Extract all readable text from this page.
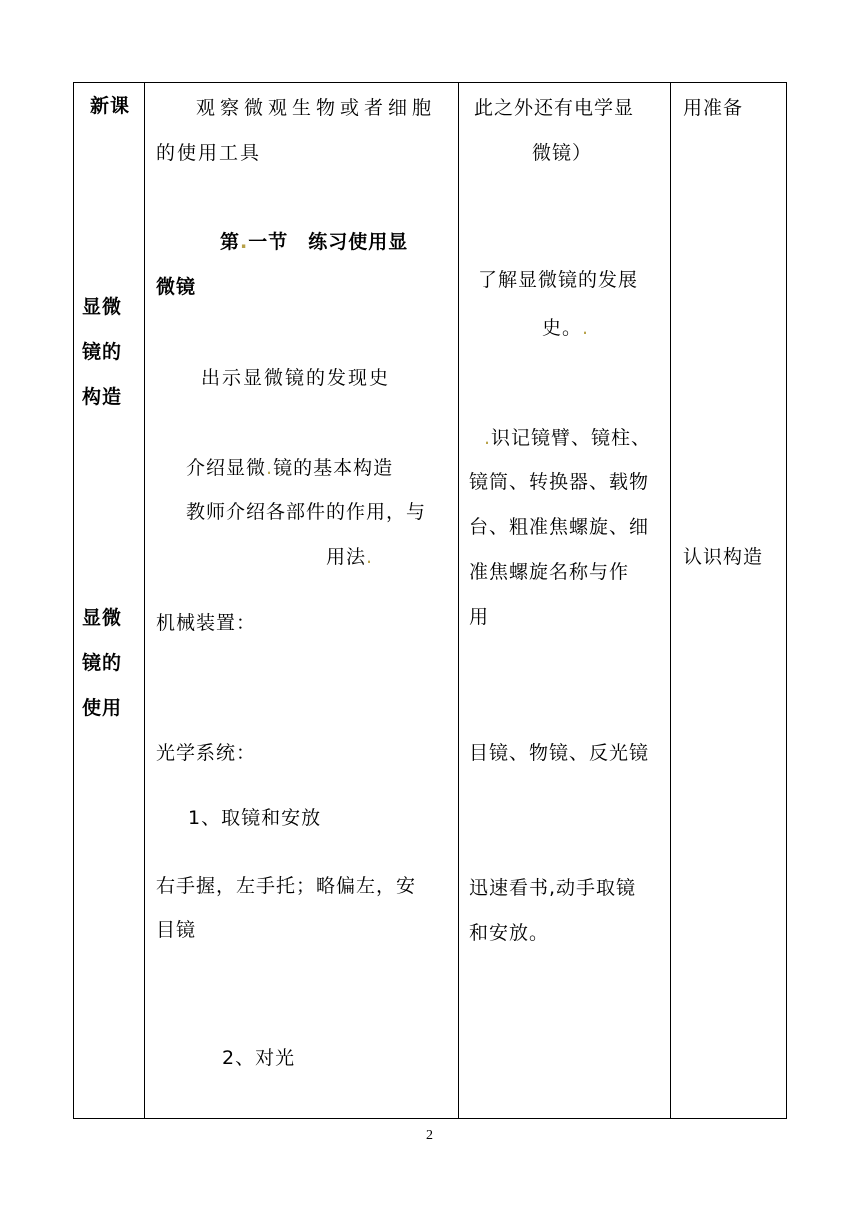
新课
显微
镜的
构造
显微
镜的
使用
观察微观生物或者细胞
的使用工具
第.一节　练习使用显
微镜
出示显微镜的发现史
介绍显微.镜的基本构造
教师介绍各部件的作用，与
用法.
机械装置：
光学系统：
1、取镜和安放
右手握，左手托；略偏左，安
目镜
2、对光
此之外还有电学显
微镜）
了解显微镜的发展
史。.
.识记镜臂、镜柱、
镜筒、转换器、载物
台、粗准焦螺旋、细
准焦螺旋名称与作
用
目镜、物镜、反光镜
迅速看书,动手取镜
和安放。
用准备
认识构造
2
